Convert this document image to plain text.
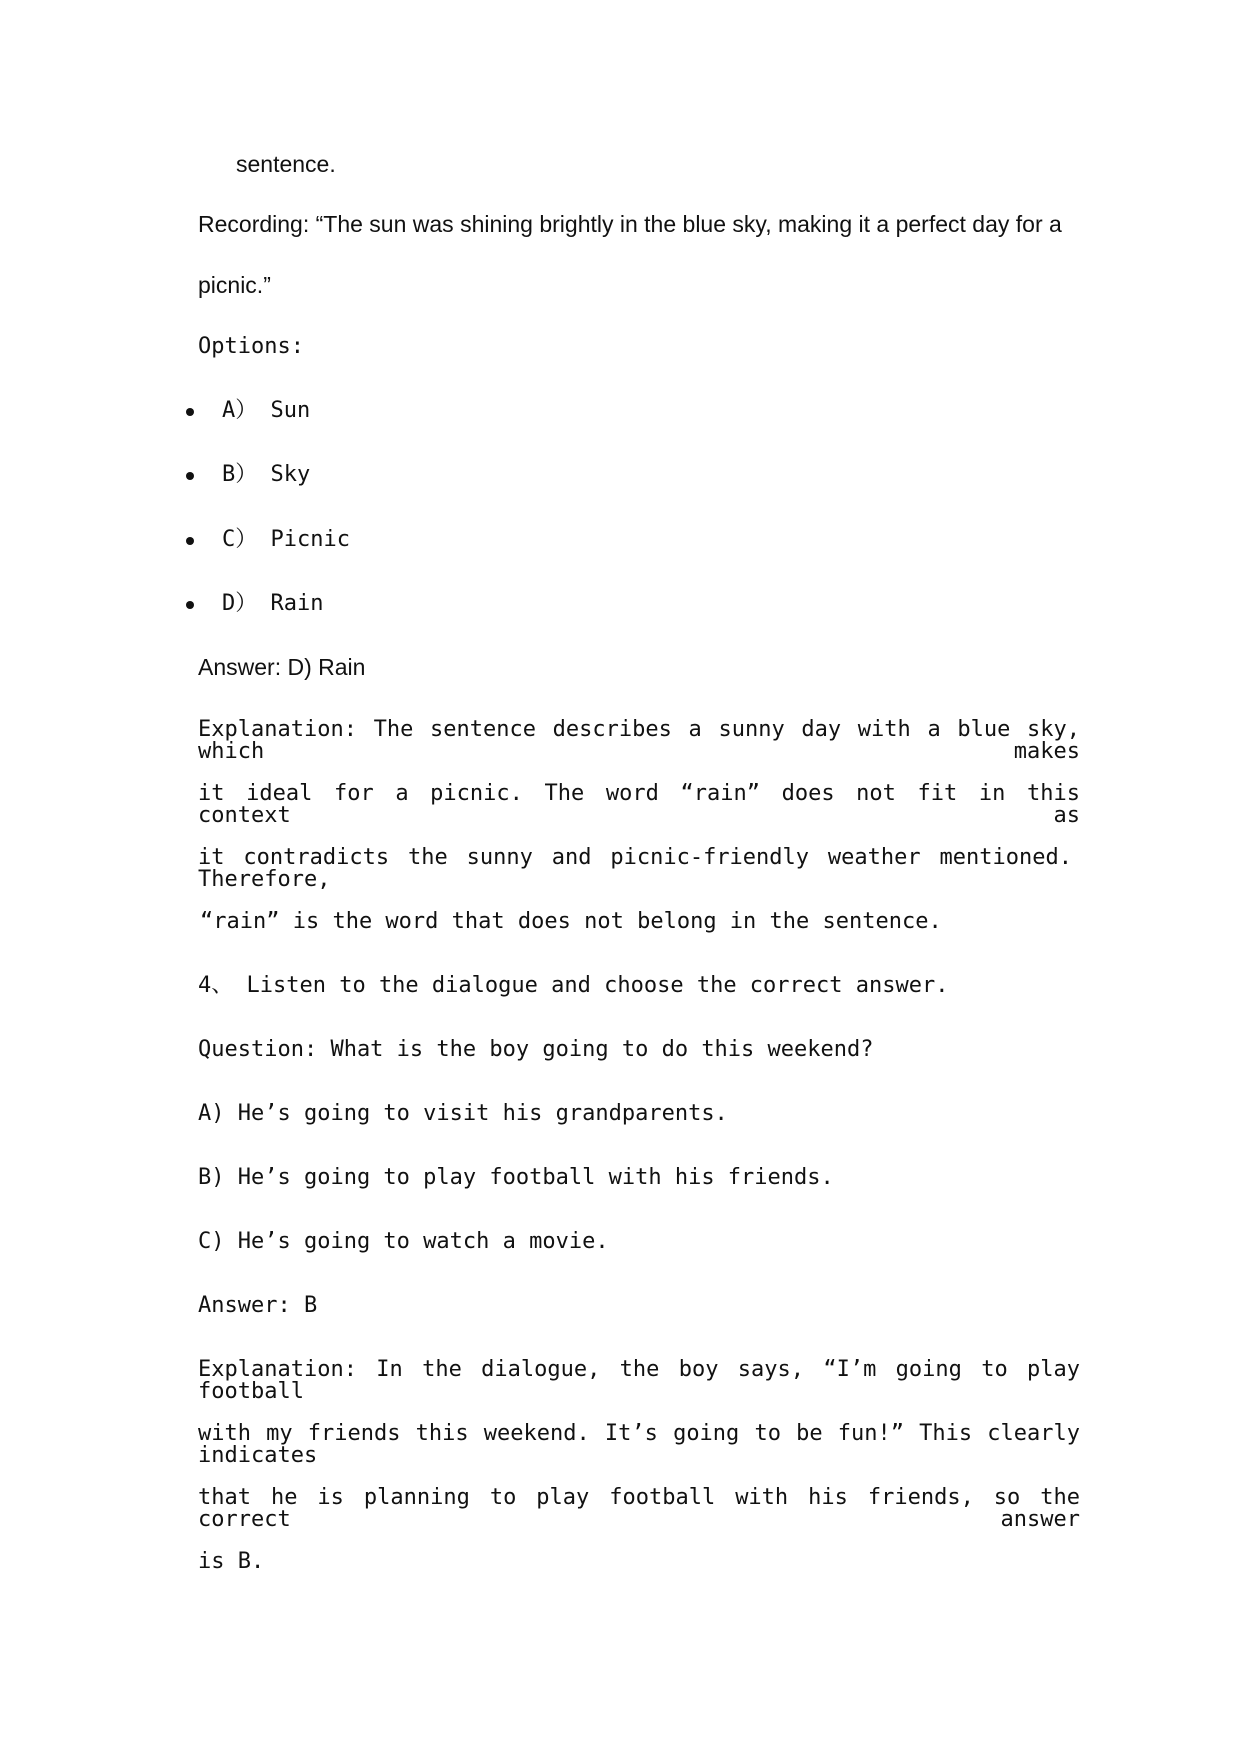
sentence.
Recording: “The sun was shining brightly in the blue sky, making it a perfect day for a
picnic.”
Options:
A） Sun
B） Sky
C） Picnic
D） Rain
Answer: D) Rain
Explanation: The sentence describes a sunny day with a blue sky, which makes
it ideal for a picnic. The word “rain” does not fit in this context as
it contradicts the sunny and picnic-friendly weather mentioned. Therefore,
“rain” is the word that does not belong in the sentence.
4、 Listen to the dialogue and choose the correct answer.
Question: What is the boy going to do this weekend?
A) He’s going to visit his grandparents.
B) He’s going to play football with his friends.
C) He’s going to watch a movie.
Answer: B
Explanation: In the dialogue, the boy says, “I’m going to play football
with my friends this weekend. It’s going to be fun!” This clearly indicates
that he is planning to play football with his friends, so the correct answer
is B.
